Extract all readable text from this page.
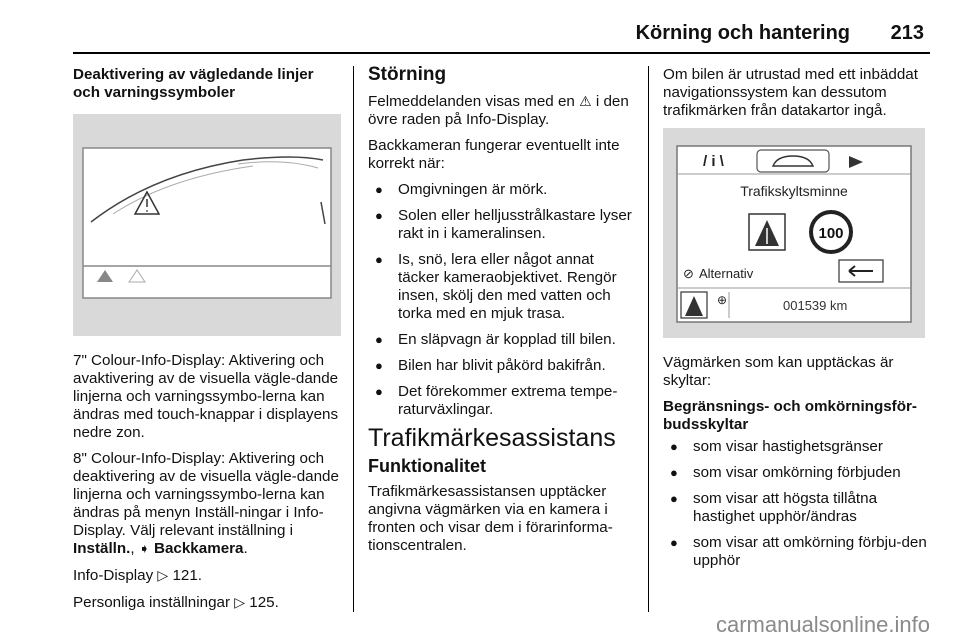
Körning och hantering 213

Deaktivering av vägledande linjer och varningssymboler

7" Colour-Info-Display: Aktivering och avaktivering av de visuella vägle-dande linjerna och varningssymbo-lerna kan ändras med touch-knappar i displayens nedre zon.

8" Colour-Info-Display: Aktivering och deaktivering av de visuella vägle-dande linjerna och varningssymbo-lerna kan ändras på menyn Inställ-ningar i Info-Display. Välj relevant inställning i Inställn., ➧ Backkamera.

Info-Display ▷ 121.

Personliga inställningar ▷ 125.

Störning

Felmeddelanden visas med en ⚠ i den övre raden på Info-Display.

Backkameran fungerar eventuellt inte korrekt när:

● Omgivningen är mörk.
● Solen eller helljusstrålkastare lyser rakt in i kameralinsen.
● Is, snö, lera eller något annat täcker kameraobjektivet. Rengör insen, skölj den med vatten och torka med en mjuk trasa.
● En släpvagn är kopplad till bilen.
● Bilen har blivit påkörd bakifrån.
● Det förekommer extrema tempe-raturväxlingar.
Trafikmärkesassistans
Funktionalitet

Trafikmärkesassistansen upptäcker angivna vägmärken via en kamera i fronten och visar dem i förarinforma-tionscentralen.

Om bilen är utrustad med ett inbäddat navigationssystem kan dessutom trafikmärken från datakartor ingå.

/ i \
Trafikskyltsminne
100
⊘ Alternativ
⊕	001539 km

Vägmärken som kan upptäckas är skyltar:

Begränsnings- och omkörningsför-budsskyltar

● som visar hastighetsgränser
● som visar omkörning förbjuden
● som visar att högsta tillåtna hastighet upphör/ändras
● som visar att omkörning förbju-den upphör
carmanualsonline.info
